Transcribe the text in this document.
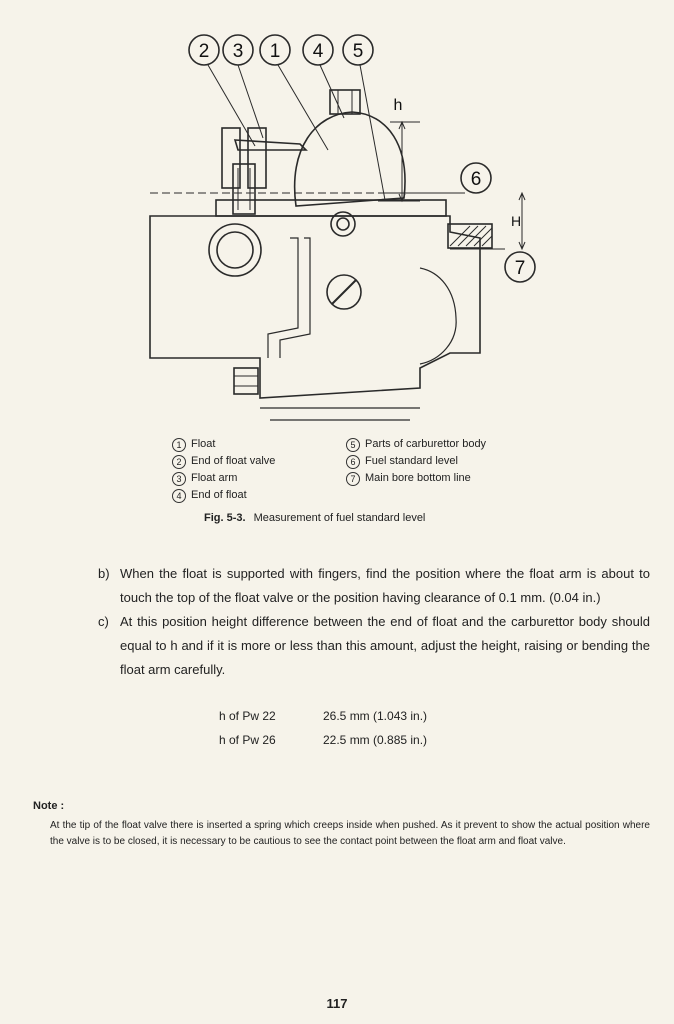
2 3 1 4 5
6
7
h
H
1 Float
2 End of float valve
3 Float arm
4 End of float
5 Parts of carburettor body
6 Fuel standard level
7 Main bore bottom line
Fig. 5-3. Measurement of fuel standard level
b) When the float is supported with fingers, find the position where the float arm is about to touch the top of the float valve or the position having clearance of 0.1 mm. (0.04 in.)
c) At this position height difference between the end of float and the carburettor body should equal to h and if it is more or less than this amount, adjust the height, raising or bending the float arm carefully.
h of Pw 22	26.5 mm (1.043 in.)
h of Pw 26	22.5 mm (0.885 in.)
Note :
At the tip of the float valve there is inserted a spring which creeps inside when pushed. As it prevent to show the actual position where the valve is to be closed, it is necessary to be cautious to see the contact point between the float arm and float valve.
117
